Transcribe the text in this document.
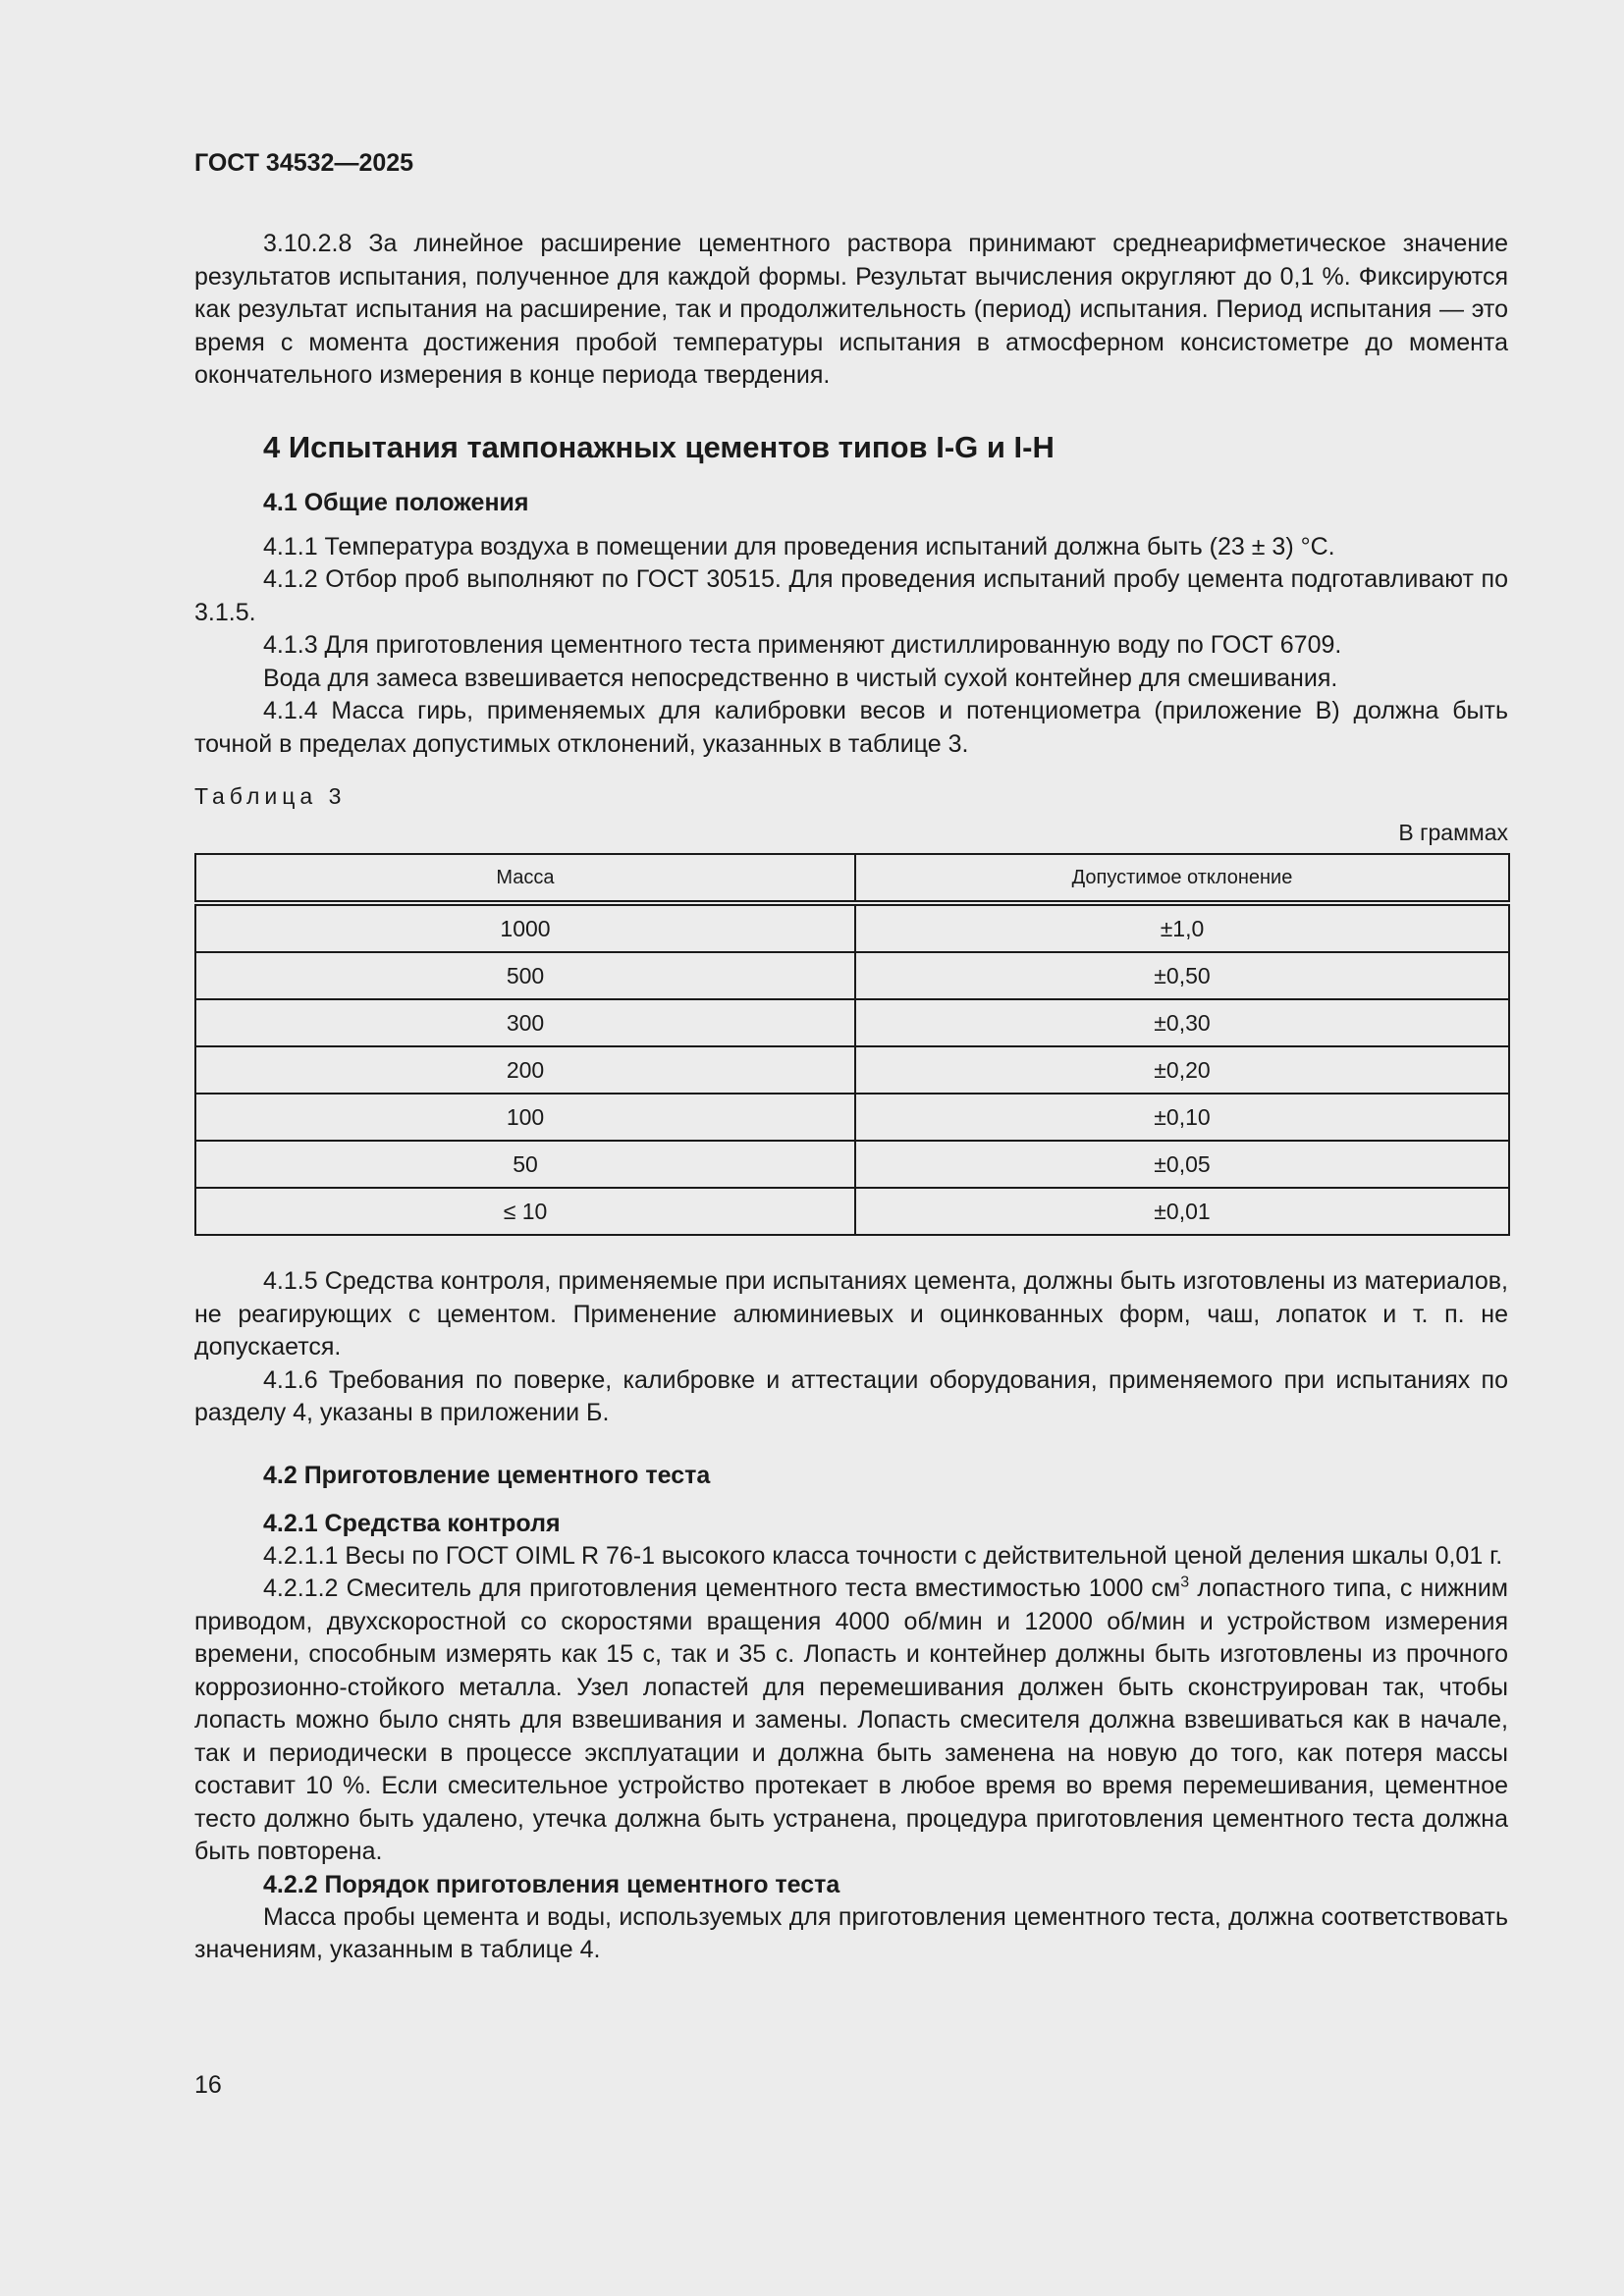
ГОСТ 34532—2025

3.10.2.8 За линейное расширение цементного раствора принимают среднеарифметическое значение результатов испытания, полученное для каждой формы. Результат вычисления округляют до 0,1 %. Фиксируются как результат испытания на расширение, так и продолжительность (период) испытания. Период испытания — это время с момента достижения пробой температуры испытания в атмосферном консистометре до момента окончательного измерения в конце периода твердения.

4 Испытания тампонажных цементов типов I-G и I-H
4.1 Общие положения

4.1.1 Температура воздуха в помещении для проведения испытаний должна быть (23 ± 3) °С.

4.1.2 Отбор проб выполняют по ГОСТ 30515. Для проведения испытаний пробу цемента подготавливают по 3.1.5.

4.1.3 Для приготовления цементного теста применяют дистиллированную воду по ГОСТ 6709.

Вода для замеса взвешивается непосредственно в чистый сухой контейнер для смешивания.

4.1.4 Масса гирь, применяемых для калибровки весов и потенциометра (приложение В) должна быть точной в пределах допустимых отклонений, указанных в таблице 3.

Таблица 3
В граммах
Масса	Допустимое отклонение
1000	±1,0
500	±0,50
300	±0,30
200	±0,20
100	±0,10
50	±0,05
≤ 10	±0,01

4.1.5 Средства контроля, применяемые при испытаниях цемента, должны быть изготовлены из материалов, не реагирующих с цементом. Применение алюминиевых и оцинкованных форм, чаш, лопаток и т. п. не допускается.

4.1.6 Требования по поверке, калибровке и аттестации оборудования, применяемого при испытаниях по разделу 4, указаны в приложении Б.

4.2 Приготовление цементного теста
4.2.1 Средства контроля

4.2.1.1 Весы по ГОСТ OIML R 76-1 высокого класса точности с действительной ценой деления шкалы 0,01 г.

4.2.1.2 Смеситель для приготовления цементного теста вместимостью 1000 $см^3$ лопастного типа, с нижним приводом, двухскоростной со скоростями вращения 4000 об/мин и 12000 об/мин и устройством измерения времени, способным измерять как 15 с, так и 35 с. Лопасть и контейнер должны быть изготовлены из прочного коррозионно-стойкого металла. Узел лопастей для перемешивания должен быть сконструирован так, чтобы лопасть можно было снять для взвешивания и замены. Лопасть смесителя должна взвешиваться как в начале, так и периодически в процессе эксплуатации и должна быть заменена на новую до того, как потеря массы составит 10 %. Если смесительное устройство протекает в любое время во время перемешивания, цементное тесто должно быть удалено, утечка должна быть устранена, процедура приготовления цементного теста должна быть повторена.

4.2.2 Порядок приготовления цементного теста

Масса пробы цемента и воды, используемых для приготовления цементного теста, должна соответствовать значениям, указанным в таблице 4.

16
